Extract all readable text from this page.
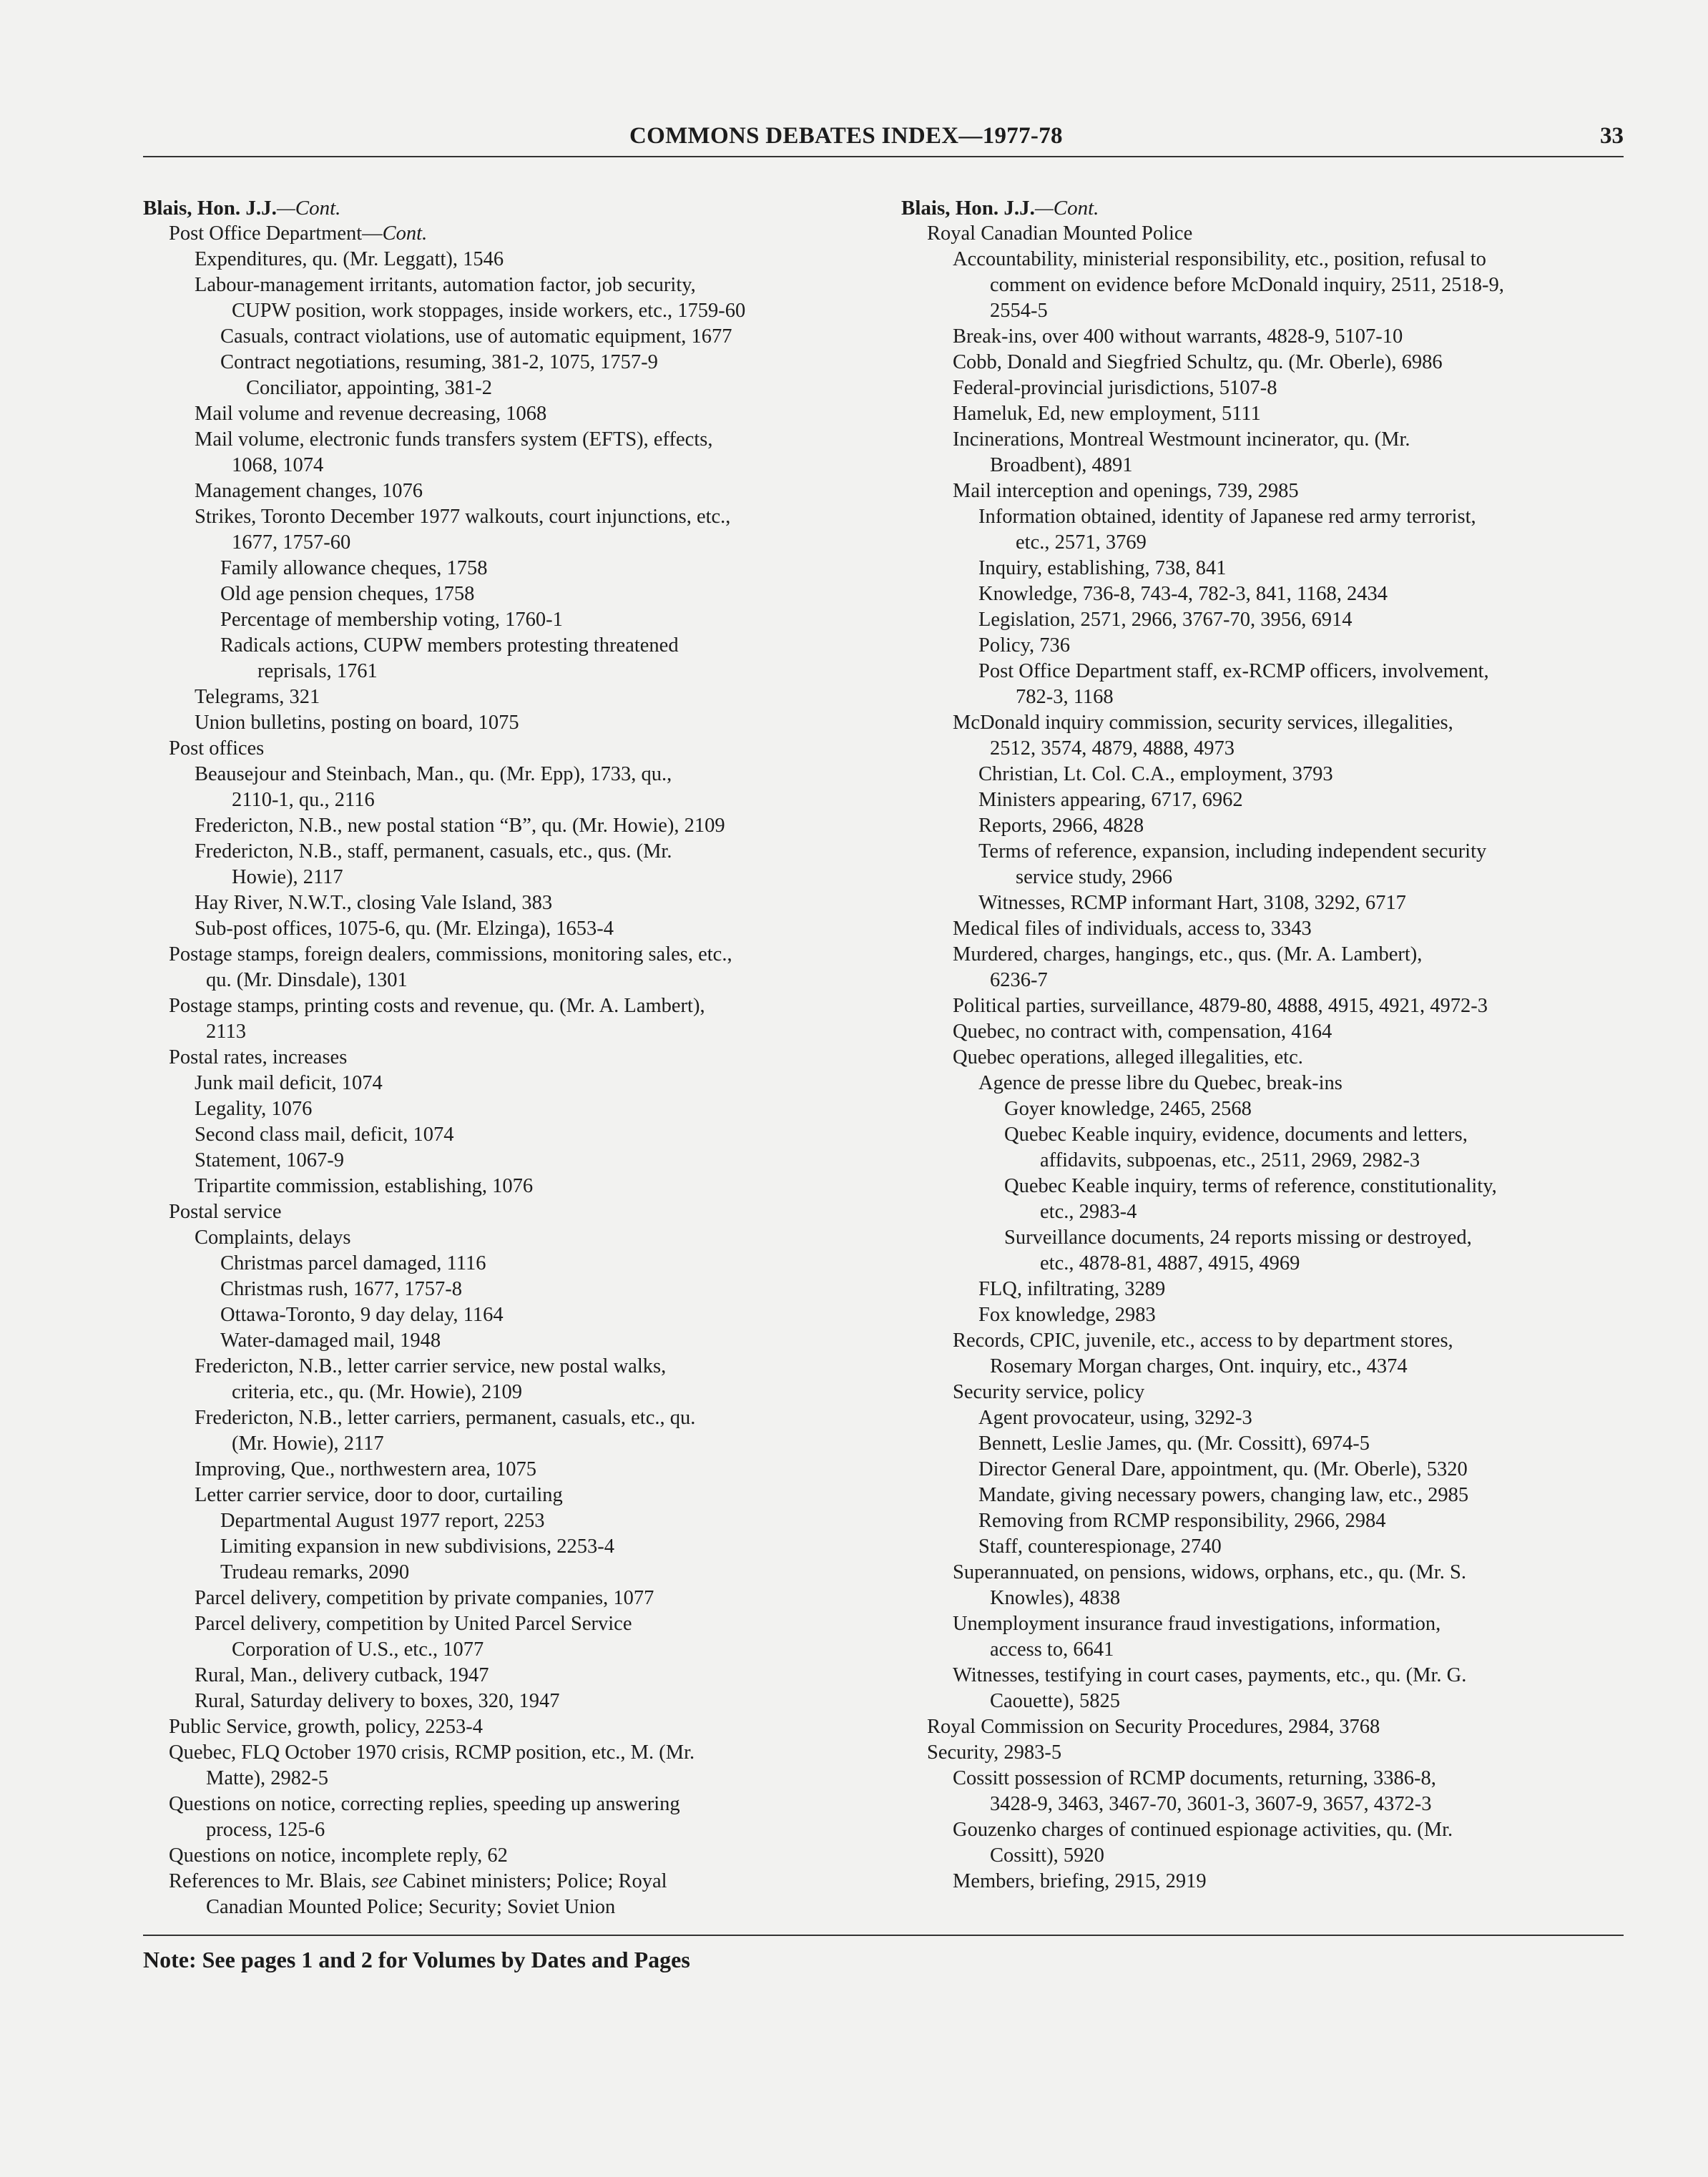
COMMONS DEBATES INDEX—1977-78	33
Blais, Hon. J.J.—Cont.
Post Office Department—Cont.
Expenditures, qu. (Mr. Leggatt), 1546
Labour-management irritants, automation factor, job security,
CUPW position, work stoppages, inside workers, etc., 1759-60
Casuals, contract violations, use of automatic equipment, 1677
Contract negotiations, resuming, 381-2, 1075, 1757-9
Conciliator, appointing, 381-2
Mail volume and revenue decreasing, 1068
Mail volume, electronic funds transfers system (EFTS), effects,
1068, 1074
Management changes, 1076
Strikes, Toronto December 1977 walkouts, court injunctions, etc.,
1677, 1757-60
Family allowance cheques, 1758
Old age pension cheques, 1758
Percentage of membership voting, 1760-1
Radicals actions, CUPW members protesting threatened
reprisals, 1761
Telegrams, 321
Union bulletins, posting on board, 1075
Post offices
Beausejour and Steinbach, Man., qu. (Mr. Epp), 1733, qu.,
2110-1, qu., 2116
Fredericton, N.B., new postal station “B”, qu. (Mr. Howie), 2109
Fredericton, N.B., staff, permanent, casuals, etc., qus. (Mr.
Howie), 2117
Hay River, N.W.T., closing Vale Island, 383
Sub-post offices, 1075-6, qu. (Mr. Elzinga), 1653-4
Postage stamps, foreign dealers, commissions, monitoring sales, etc.,
qu. (Mr. Dinsdale), 1301
Postage stamps, printing costs and revenue, qu. (Mr. A. Lambert),
2113
Postal rates, increases
Junk mail deficit, 1074
Legality, 1076
Second class mail, deficit, 1074
Statement, 1067-9
Tripartite commission, establishing, 1076
Postal service
Complaints, delays
Christmas parcel damaged, 1116
Christmas rush, 1677, 1757-8
Ottawa-Toronto, 9 day delay, 1164
Water-damaged mail, 1948
Fredericton, N.B., letter carrier service, new postal walks,
criteria, etc., qu. (Mr. Howie), 2109
Fredericton, N.B., letter carriers, permanent, casuals, etc., qu.
(Mr. Howie), 2117
Improving, Que., northwestern area, 1075
Letter carrier service, door to door, curtailing
Departmental August 1977 report, 2253
Limiting expansion in new subdivisions, 2253-4
Trudeau remarks, 2090
Parcel delivery, competition by private companies, 1077
Parcel delivery, competition by United Parcel Service
Corporation of U.S., etc., 1077
Rural, Man., delivery cutback, 1947
Rural, Saturday delivery to boxes, 320, 1947
Public Service, growth, policy, 2253-4
Quebec, FLQ October 1970 crisis, RCMP position, etc., M. (Mr.
Matte), 2982-5
Questions on notice, correcting replies, speeding up answering
process, 125-6
Questions on notice, incomplete reply, 62
References to Mr. Blais, see Cabinet ministers; Police; Royal
Canadian Mounted Police; Security; Soviet Union
Blais, Hon. J.J.—Cont.
Royal Canadian Mounted Police
Accountability, ministerial responsibility, etc., position, refusal to
comment on evidence before McDonald inquiry, 2511, 2518-9,
2554-5
Break-ins, over 400 without warrants, 4828-9, 5107-10
Cobb, Donald and Siegfried Schultz, qu. (Mr. Oberle), 6986
Federal-provincial jurisdictions, 5107-8
Hameluk, Ed, new employment, 5111
Incinerations, Montreal Westmount incinerator, qu. (Mr.
Broadbent), 4891
Mail interception and openings, 739, 2985
Information obtained, identity of Japanese red army terrorist,
etc., 2571, 3769
Inquiry, establishing, 738, 841
Knowledge, 736-8, 743-4, 782-3, 841, 1168, 2434
Legislation, 2571, 2966, 3767-70, 3956, 6914
Policy, 736
Post Office Department staff, ex-RCMP officers, involvement,
782-3, 1168
McDonald inquiry commission, security services, illegalities,
2512, 3574, 4879, 4888, 4973
Christian, Lt. Col. C.A., employment, 3793
Ministers appearing, 6717, 6962
Reports, 2966, 4828
Terms of reference, expansion, including independent security
service study, 2966
Witnesses, RCMP informant Hart, 3108, 3292, 6717
Medical files of individuals, access to, 3343
Murdered, charges, hangings, etc., qus. (Mr. A. Lambert),
6236-7
Political parties, surveillance, 4879-80, 4888, 4915, 4921, 4972-3
Quebec, no contract with, compensation, 4164
Quebec operations, alleged illegalities, etc.
Agence de presse libre du Quebec, break-ins
Goyer knowledge, 2465, 2568
Quebec Keable inquiry, evidence, documents and letters,
affidavits, subpoenas, etc., 2511, 2969, 2982-3
Quebec Keable inquiry, terms of reference, constitutionality,
etc., 2983-4
Surveillance documents, 24 reports missing or destroyed,
etc., 4878-81, 4887, 4915, 4969
FLQ, infiltrating, 3289
Fox knowledge, 2983
Records, CPIC, juvenile, etc., access to by department stores,
Rosemary Morgan charges, Ont. inquiry, etc., 4374
Security service, policy
Agent provocateur, using, 3292-3
Bennett, Leslie James, qu. (Mr. Cossitt), 6974-5
Director General Dare, appointment, qu. (Mr. Oberle), 5320
Mandate, giving necessary powers, changing law, etc., 2985
Removing from RCMP responsibility, 2966, 2984
Staff, counterespionage, 2740
Superannuated, on pensions, widows, orphans, etc., qu. (Mr. S.
Knowles), 4838
Unemployment insurance fraud investigations, information,
access to, 6641
Witnesses, testifying in court cases, payments, etc., qu. (Mr. G.
Caouette), 5825
Royal Commission on Security Procedures, 2984, 3768
Security, 2983-5
Cossitt possession of RCMP documents, returning, 3386-8,
3428-9, 3463, 3467-70, 3601-3, 3607-9, 3657, 4372-3
Gouzenko charges of continued espionage activities, qu. (Mr.
Cossitt), 5920
Members, briefing, 2915, 2919
Note: See pages 1 and 2 for Volumes by Dates and Pages
